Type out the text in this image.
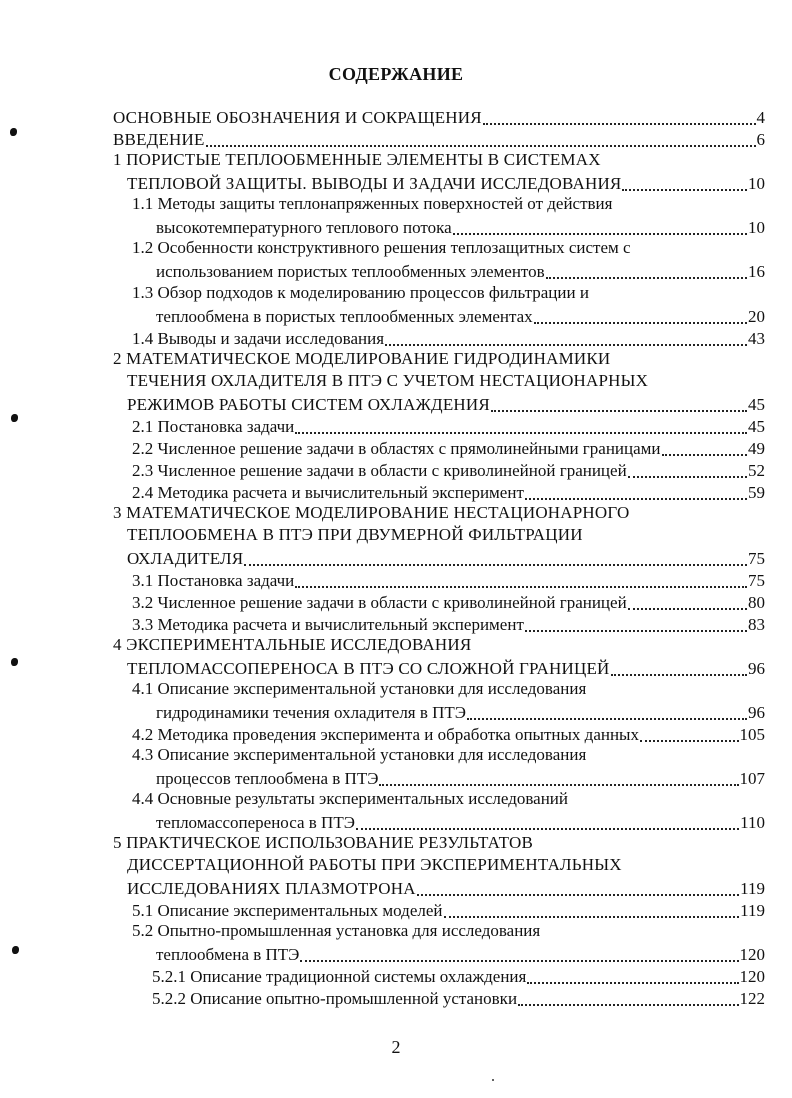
СОДЕРЖАНИЕ
ОСНОВНЫЕ ОБОЗНАЧЕНИЯ И СОКРАЩЕНИЯ	4
ВВЕДЕНИЕ	6
1 ПОРИСТЫЕ ТЕПЛООБМЕННЫЕ ЭЛЕМЕНТЫ В СИСТЕМАХ
ТЕПЛОВОЙ ЗАЩИТЫ. ВЫВОДЫ И ЗАДАЧИ ИССЛЕДОВАНИЯ	10
1.1 Методы защиты теплонапряженных поверхностей от действия
высокотемпературного теплового потока	10
1.2 Особенности конструктивного решения теплозащитных систем с
использованием пористых теплообменных элементов	16
1.3 Обзор подходов к моделированию процессов фильтрации и
теплообмена в пористых теплообменных элементах	20
1.4 Выводы и задачи исследования	43
2 МАТЕМАТИЧЕСКОЕ МОДЕЛИРОВАНИЕ ГИДРОДИНАМИКИ
ТЕЧЕНИЯ ОХЛАДИТЕЛЯ В ПТЭ С УЧЕТОМ НЕСТАЦИОНАРНЫХ
РЕЖИМОВ РАБОТЫ СИСТЕМ ОХЛАЖДЕНИЯ	45
2.1 Постановка задачи	45
2.2 Численное решение задачи в областях с прямолинейными границами	49
2.3 Численное решение задачи в области с криволинейной границей	52
2.4 Методика расчета и вычислительный эксперимент	59
3 МАТЕМАТИЧЕСКОЕ МОДЕЛИРОВАНИЕ НЕСТАЦИОНАРНОГО
ТЕПЛООБМЕНА В ПТЭ ПРИ ДВУМЕРНОЙ ФИЛЬТРАЦИИ
ОХЛАДИТЕЛЯ	75
3.1 Постановка задачи	75
3.2 Численное решение задачи в области с криволинейной границей	80
3.3 Методика расчета и вычислительный эксперимент	83
4 ЭКСПЕРИМЕНТАЛЬНЫЕ ИССЛЕДОВАНИЯ
ТЕПЛОМАССОПЕРЕНОСА В ПТЭ СО СЛОЖНОЙ ГРАНИЦЕЙ	96
4.1 Описание экспериментальной установки для исследования
гидродинамики течения охладителя в ПТЭ	96
4.2 Методика проведения эксперимента и обработка опытных данных	105
4.3 Описание экспериментальной установки для исследования
процессов теплообмена в ПТЭ	107
4.4 Основные результаты экспериментальных исследований
тепломассопереноса в ПТЭ	110
5 ПРАКТИЧЕСКОЕ ИСПОЛЬЗОВАНИЕ РЕЗУЛЬТАТОВ
ДИССЕРТАЦИОННОЙ РАБОТЫ ПРИ ЭКСПЕРИМЕНТАЛЬНЫХ
ИССЛЕДОВАНИЯХ ПЛАЗМОТРОНА	119
5.1 Описание экспериментальных моделей	119
5.2 Опытно-промышленная установка для исследования
теплообмена в ПТЭ	120
5.2.1 Описание традиционной системы охлаждения	120
5.2.2 Описание опытно-промышленной установки	122
2
